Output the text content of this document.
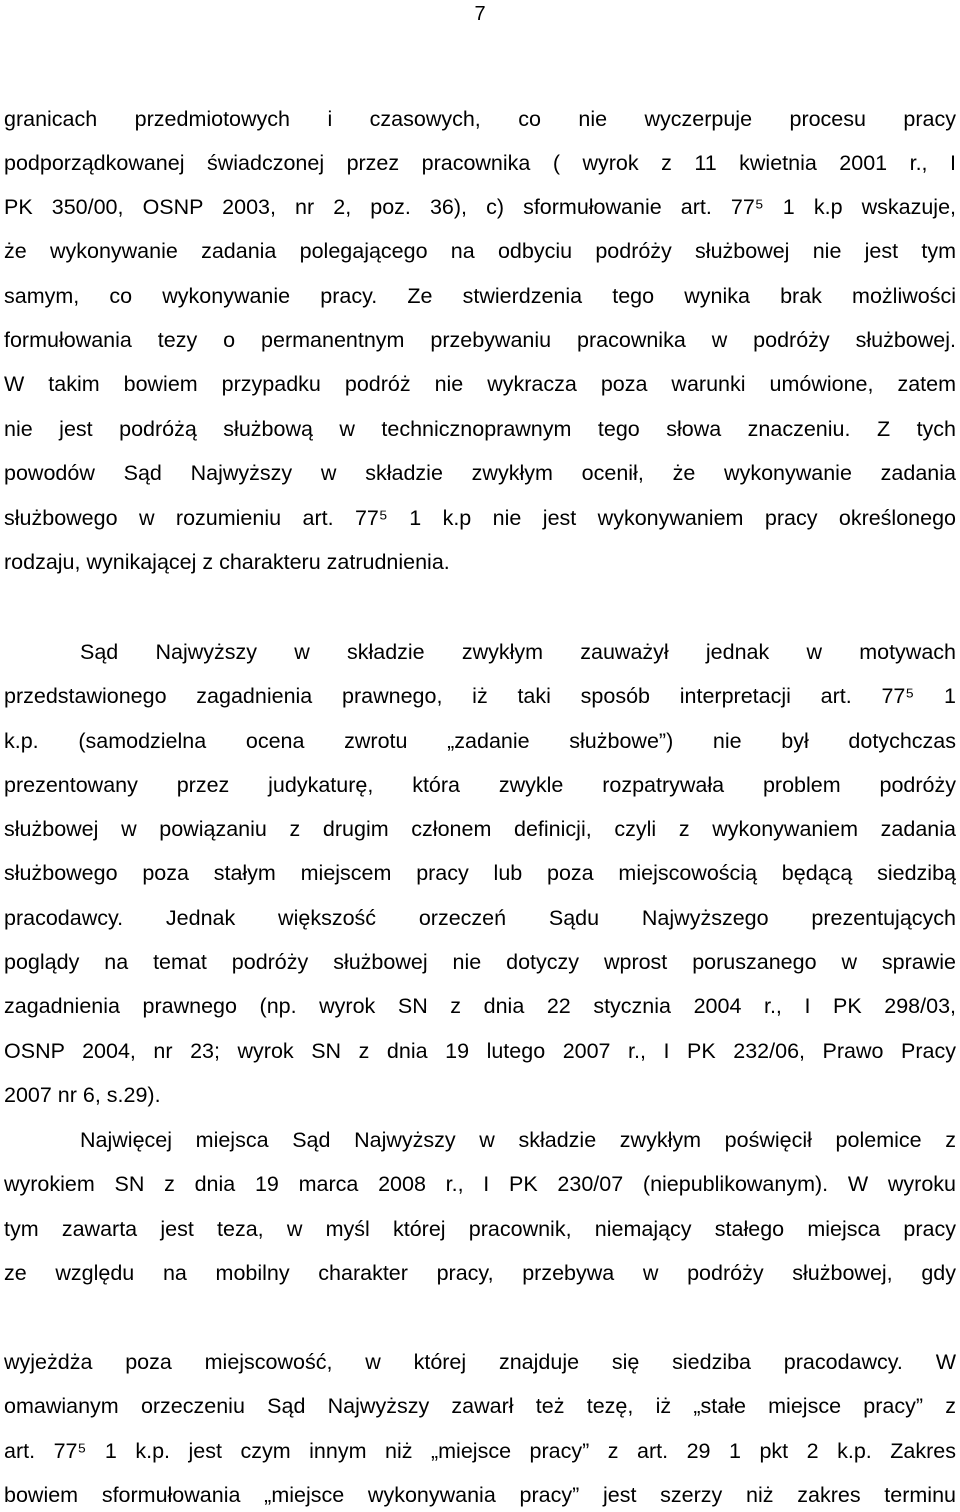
7
granicach przedmiotowych i czasowych, co nie wyczerpuje procesu pracy
podporządkowanej świadczonej przez pracownika ( wyrok z 11 kwietnia 2001 r., I
PK 350/00, OSNP 2003, nr 2, poz. 36), c) sformułowanie art. 77⁵ 1 k.p wskazuje,
że wykonywanie zadania polegającego na odbyciu podróży służbowej nie jest tym
samym, co wykonywanie pracy. Ze stwierdzenia tego wynika brak możliwości
formułowania tezy o permanentnym przebywaniu pracownika w podróży służbowej.
W takim bowiem przypadku podróż nie wykracza poza warunki umówione, zatem
nie jest podróżą służbową w technicznoprawnym tego słowa znaczeniu. Z tych
powodów Sąd Najwyższy w składzie zwykłym ocenił, że wykonywanie zadania
służbowego w rozumieniu art. 77⁵ 1 k.p nie jest wykonywaniem pracy określonego
rodzaju, wynikającej z charakteru zatrudnienia.
Sąd Najwyższy w składzie zwykłym zauważył jednak w motywach
przedstawionego zagadnienia prawnego, iż taki sposób interpretacji art. 77⁵ 1
k.p. (samodzielna ocena zwrotu „zadanie służbowe”) nie był dotychczas
prezentowany przez judykaturę, która zwykle rozpatrywała problem podróży
służbowej w powiązaniu z drugim członem definicji, czyli z wykonywaniem zadania
służbowego poza stałym miejscem pracy lub poza miejscowością będącą siedzibą
pracodawcy. Jednak większość orzeczeń Sądu Najwyższego prezentujących
poglądy na temat podróży służbowej nie dotyczy wprost poruszanego w sprawie
zagadnienia prawnego (np. wyrok SN z dnia 22 stycznia 2004 r., I PK 298/03,
OSNP 2004, nr 23; wyrok SN z dnia 19 lutego 2007 r., I PK 232/06, Prawo Pracy
2007 nr 6, s.29).
Najwięcej miejsca Sąd Najwyższy w składzie zwykłym poświęcił polemice z
wyrokiem SN z dnia 19 marca 2008 r., I PK 230/07 (niepublikowanym). W wyroku
tym zawarta jest teza, w myśl której pracownik, niemający stałego miejsca pracy
ze względu na mobilny charakter pracy, przebywa w podróży służbowej, gdy
wyjeżdża poza miejscowość, w której znajduje się siedziba pracodawcy. W
omawianym orzeczeniu Sąd Najwyższy zawarł też tezę, iż „stałe miejsce pracy” z
art. 77⁵ 1 k.p. jest czym innym niż „miejsce pracy” z art. 29 1 pkt 2 k.p. Zakres
bowiem sformułowania „miejsce wykonywania pracy” jest szerzy niż zakres terminu
